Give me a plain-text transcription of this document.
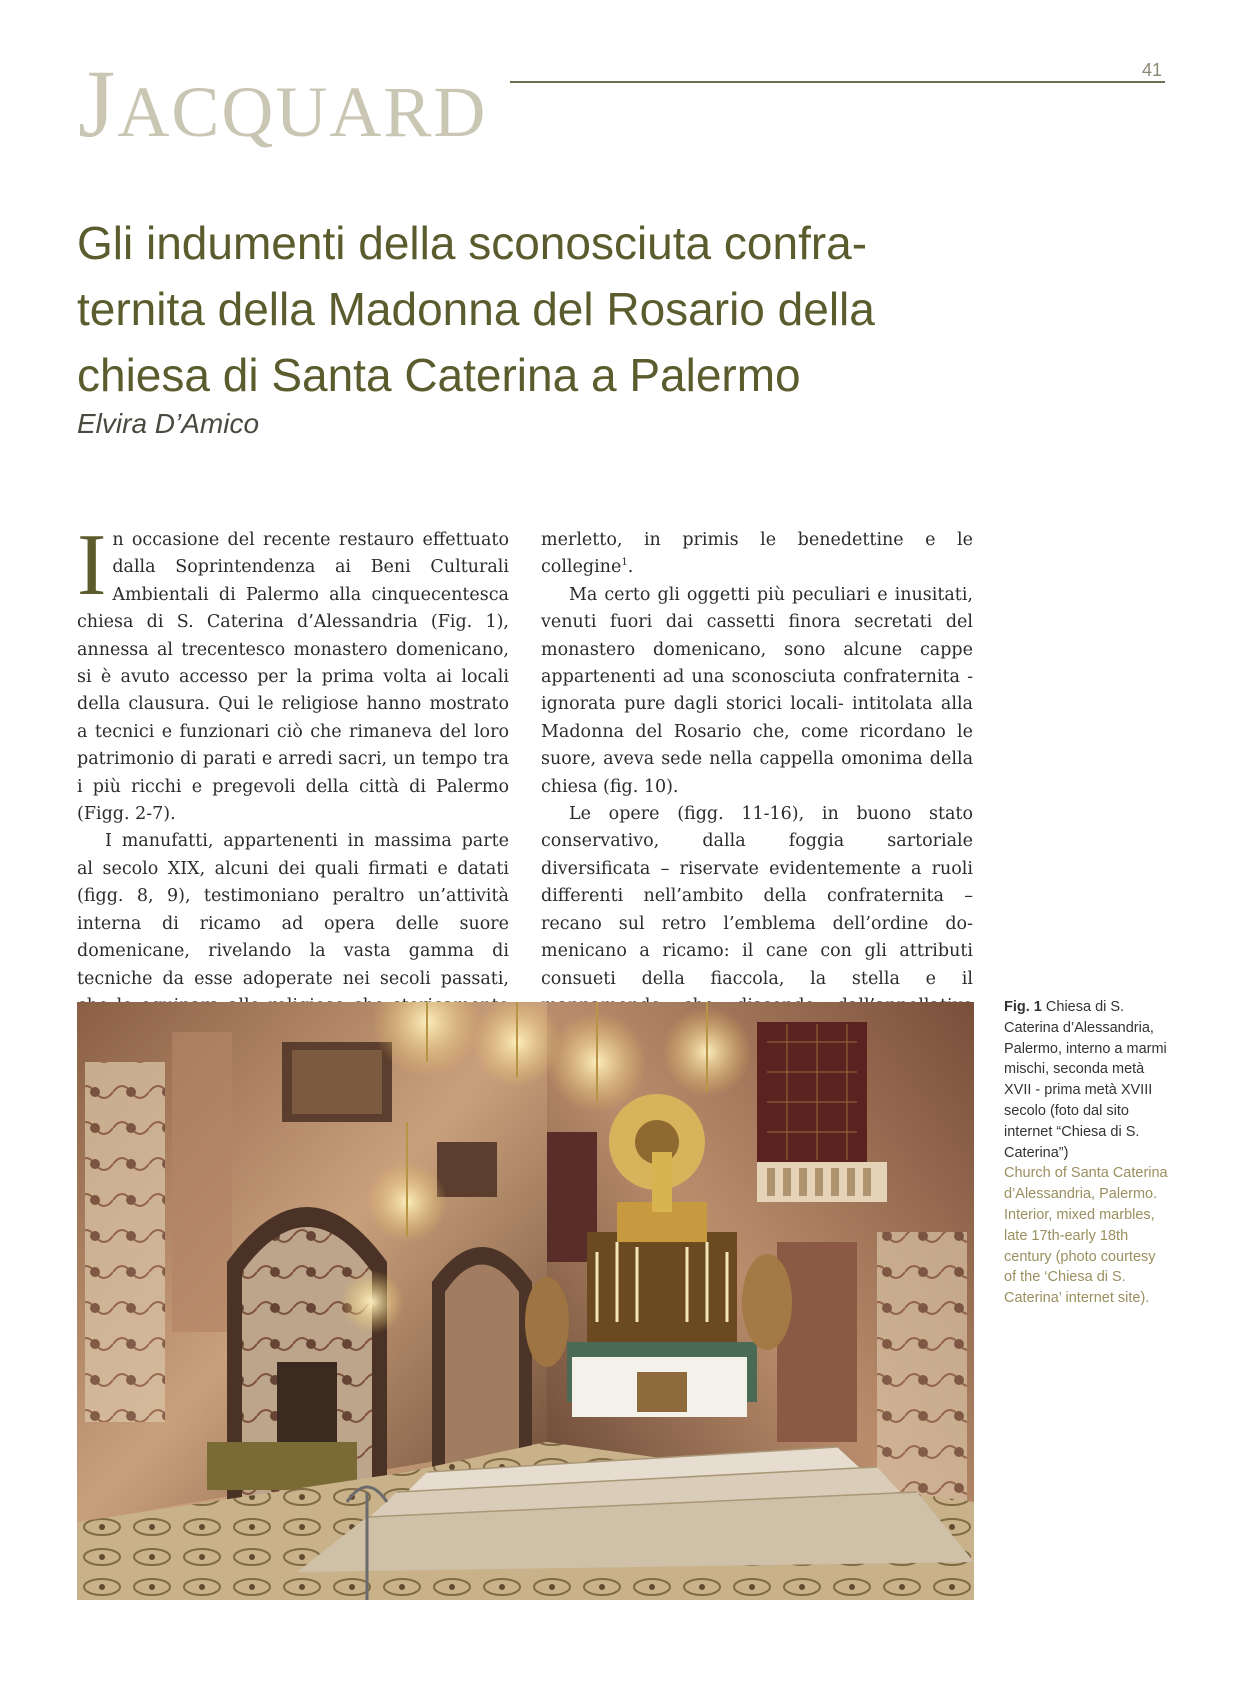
JACQUARD
41
Gli indumenti della sconosciuta confra-
ternita della Madonna del Rosario della
chiesa di Santa Caterina a Palermo
Elvira D’Amico

In occasione del recente restauro effettuato dalla Soprintendenza ai Beni Culturali Ambientali di Palermo alla cinquecentesca chiesa di S. Caterina d’Alessandria (Fig. 1), annessa al trecentesco monastero domenicano, si è avuto accesso per la prima volta ai locali della clausura. Qui le religiose hanno mostrato a tecnici e funzionari ciò che rimaneva del loro patrimonio di parati e arredi sacri, un tempo tra i più ricchi e pregevoli della città di Palermo (Figg. 2-7).

I manufatti, appartenenti in massima parte al secolo XIX, alcuni dei quali firmati e datati (figg. 8, 9), testimoniano peraltro un’attività interna di ricamo ad opera delle suore domenicane, rivelando la vasta gamma di tecniche da esse adoperate nei secoli passati,

merletto, in primis le benedettine e le collegine$^1$.

Ma certo gli oggetti più peculiari e inusitati, venuti fuori dai cassetti finora secretati del monastero domenicano, sono alcune cappe appartenenti ad una sconosciuta confraternita -ignorata pure dagli storici locali- intitolata alla Madonna del Rosario che, come ricordano le suore, aveva sede nella cappella omonima della chiesa (fig. 10).

Le opere (figg. 11-16), in buono stato conservativo, dalla foggia sartoriale diversificata – riservate evidentemente a ruoli differenti nell’ambito della confraternita – recano sul retro l’emblema dell’ordine domenicano a ricamo: il cane con gli attributi consueti della fiaccola, la stella e il

Fig. 1 Chiesa di S. Caterina d’Alessandria, Palermo, interno a marmi mischi, seconda metà XVII - prima metà XVIII secolo (foto dal sito internet “Chiesa di S. Caterina”)
Church of Santa Caterina d’Alessandria, Palermo. Interior, mixed marbles, late 17th-early 18th century (photo courtesy of the ‘Chiesa di S. Caterina’ internet site).
